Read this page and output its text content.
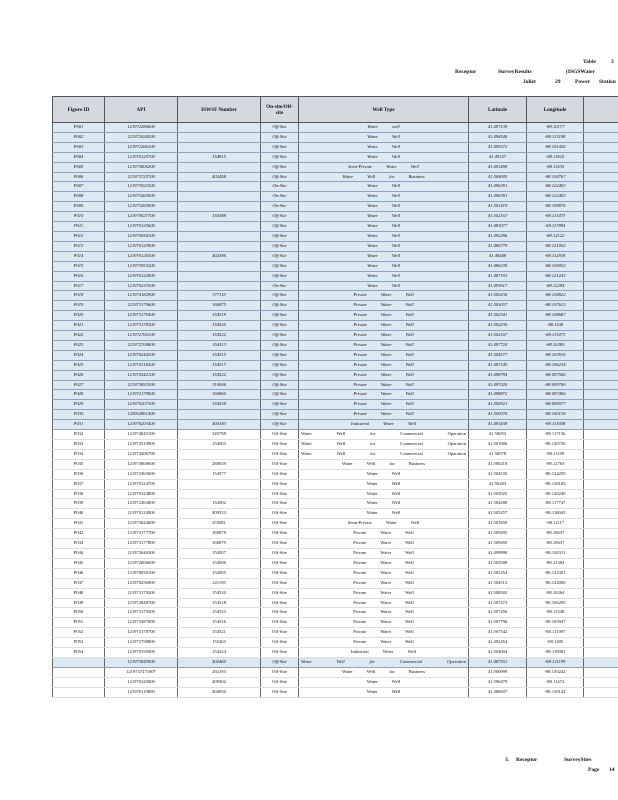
Table	3
Receptor	SurveyResults	(ISGSWater
Joliet	29	Power Station
Figure ID	API	ISWSF Number	On-site/Off-site	Well Type	Latitude	Longitude	
P001	121972286000		Off-Site	Water well	41.497139	-88.10177	
P002	121972026500		Off-Site	Water Well	41.494546	-88.113188	
P003	121972266100		Off-Site	Water Well	41.495572	-88.101426	
P004	121970125700	154815	Off-Site	Water Well	41.49157	-88.11825	
P005	121973806200		Off-Site	Semi-Private Water Well	41.491498	-88.11435	
P006	121973723700	402458	Off-Site	Water Well for Business	41.504005	-88.104767	
P007	121973922300		On-Site	Water Well	41.496391	-88.122403	
P008	121973265900		On-Site	Water Well	41.496391	-88.122403	
P009	121973265900		On-Site	Water Well	41.501419	-88.109876	
P010	121970027700	154388	Off-Site	Water Well	41.502167	-88.113473	
P011	121970125600		Off-Site	Water Well	41.483077	-88.117894	
P012	121970056300		Off-Site	Water Well	41.492296	-88.12122	
P013	121970123900		Off-Site	Water Well	41.486779	-88.121002	
P014	121970120300	402386	Off-Site	Water Well	41.48448	-88.112918	
P015	121973953200		Off-Site	Water Well	41.486239	-88.109052	
P016	121970122800		Off-Site	Water Well	41.487193	-88.121243	
P017	121970233300		On-Site	Water Well	41.493617	-88.12294	
P018	121974182900	377119	Off-Site	Private Water Well	41.500236	-88.104822	
P019	121973179600	160875	Off-Site	Private Water Well	41.503057	-88.107613	
P020	121973179400	154519	Off-Site	Private Water Well	41.502341	-88.108687	
P021	121973179300	154520	Off-Site	Private Water Well	41.502236	-88.1108	
P022	121972760100	154522	Off-Site	Private Water Well	41.502167	-88.113473	
P023	121972700800	154513	Off-Site	Private Water Well	41.497724	-88.10385	
P024	121970244200	154515	Off-Site	Private Water Well	41.504577	-88.103916	
P025	121972318200	154517	Off-Site	Private Water Well	41.497149	-88.106234	
P026	121972542100	154522	Off-Site	Private Water Well	41.498794	-88.097566	
P027	121973853300	310006	Off-Site	Private Water Well	41.497020	-88.099709	
P028	121972179900	160866	Off-Site	Private Water Well	41.498872	-88.097406	
P029	121970207300	154538	Off-Site	Private Water Well	41.500921	-88.099077	
P030	120902861400		Off-Site	Private Water Well	41.500076	-88.100139	
P031	121970203400	404183	Off-Site	Industrial Water Well	41.493438	-88.113058	
P032	121974045100	345798	Off-Site	Water Well for Commercial Operation	41.50053	-88.117156	
P033	121972519900	154503	Off-Site	Water Well for Commercial Operation	41.501906	-88.120726	
P034	121974206700		Off-Site	Water Well for Commercial Operation	41.50078	-88.11109	
P035	121973868600	280659	Off-Site	Water Well for Business	41.500218	-88.12763	
P036	121972363600	154577	Off-Site	Water Well	41.504535	-88.124259	
P037	121970124700		Off-Site	Water Well	41.50283	-88.128183	
P038	121970124800		Off-Site	Water Well	41.503925	-88.120240	
P039	121972363800	154502	Off-Site	Water Well	41.504288	-88.117747	
P040	121970124900	409353	Off-Site	Water Well	41.505257	-88.118045	
P041	121973624000	255081	Off-Site	Semi-Private Water Well	41.501659	-88.11117	
P042	121973177700	160878	Off-Site	Private Water Well	41.509495	-88.10637	
P043	121973177800	160879	Off-Site	Private Water Well	41.509495	-88.10637	
P044	121972646300	154507	Off-Site	Private Water Well	41.499890	-88.128311	
P045	121972006600	154506	Off-Site	Private Water Well	41.503508	-88.12384	
P046	121970030100	154505	Off-Site	Private Water Well	41.505254	-88.122301	
P047	121970256900	221195	Off-Site	Private Water Well	41.504512	-88.122008	
P048	121973179200	154510	Off-Site	Private Water Well	41.508502	-88.10264	
P049	121972848700	154518	Off-Site	Private Water Well	41.507473	-88.106295	
P050	121973179200	154523	Off-Site	Private Water Well	41.507456	-88.11348	
P051	121973387000	154516	Off-Site	Private Water Well	41.507796	-88.103947	
P052	121973178700	154521	Off-Site	Private Water Well	41.507542	-88.111097	
P053	121972758800	155263	Off-Site	Private Water Well	41.492454	-88.1405	
P054	121970159300	154524	Off-Site	Industrial Water Well	41.504004	-88.119081	
	121973845900	402460	Off-Site	Water Well for Commercial Operation	41.487551	-88.121199	
	121973727100*	292193	Off-Site	Water Well for Business	41.500099	-88.139242	
	121970125000	409302	Off-Site	Water Well	41.506479	-88.11472	
	121970119800	404056	Off-Site	Water Well	41.486607	-88.139142	
3. Receptor	SurveySites
Page 14
